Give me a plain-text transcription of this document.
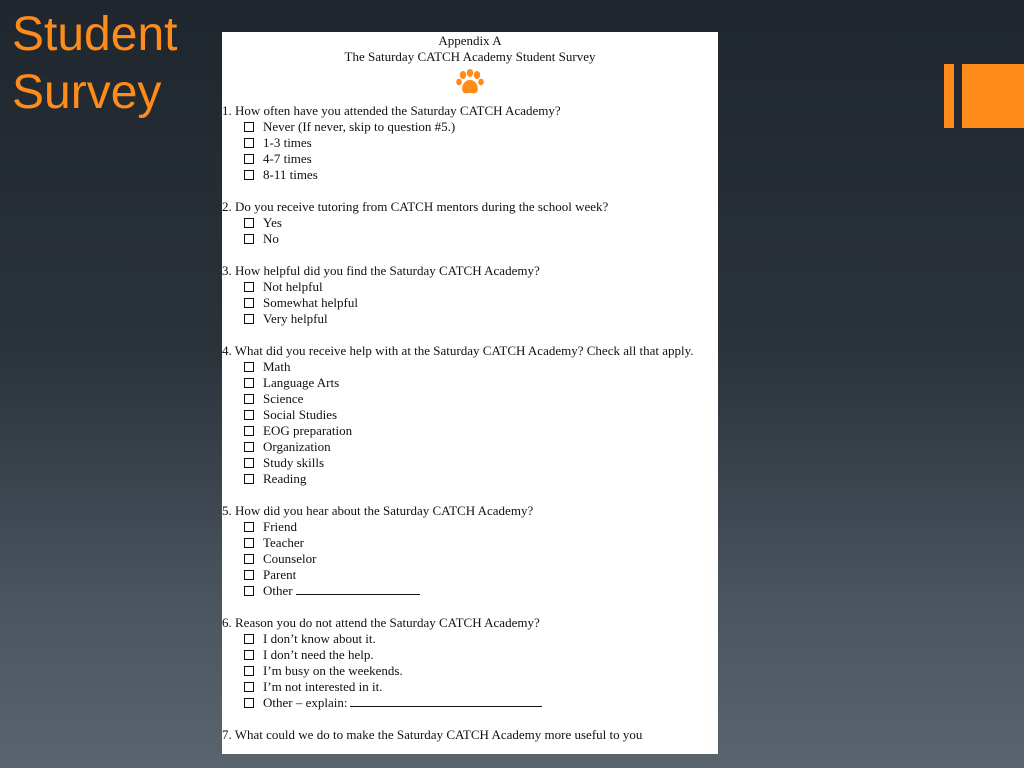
Student
Survey
Appendix A
The Saturday CATCH Academy Student Survey
1. How often have you attended the Saturday CATCH Academy?
Never (If never, skip to question #5.)
1-3 times
4-7 times
8-11 times
2. Do you receive tutoring from CATCH mentors during the school week?
Yes
No
3. How helpful did you find the Saturday CATCH Academy?
Not helpful
Somewhat helpful
Very helpful
4. What did you receive help with at the Saturday CATCH Academy? Check all that apply.
Math
Language Arts
Science
Social Studies
EOG preparation
Organization
Study skills
Reading
5. How did you hear about the Saturday CATCH Academy?
Friend
Teacher
Counselor
Parent
Other
6. Reason you do not attend the Saturday CATCH Academy?
I don’t know about it.
I don’t need the help.
I’m busy on the weekends.
I’m not interested in it.
Other – explain:
7. What could we do to make the Saturday CATCH Academy more useful to you
